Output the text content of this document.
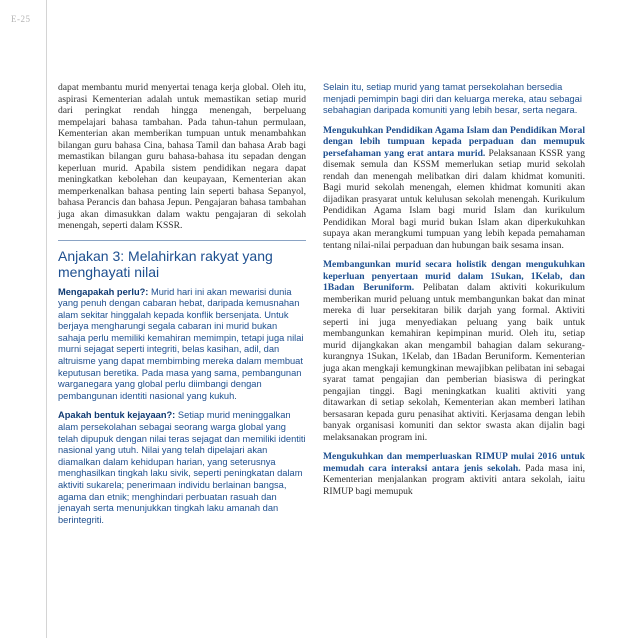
E-25

dapat membantu murid menyertai tenaga kerja global. Oleh itu, aspirasi Kementerian adalah untuk memastikan setiap murid dari peringkat rendah hingga menengah, berpeluang mempelajari bahasa tambahan. Pada tahun-tahun permulaan, Kementerian akan memberikan tumpuan untuk menambahkan bilangan guru bahasa Cina, bahasa Tamil dan bahasa Arab bagi memastikan bilangan guru bahasa-bahasa itu sepadan dengan keperluan murid. Apabila sistem pendidikan negara dapat meningkatkan kebolehan dan keupayaan, Kementerian akan memperkenalkan bahasa penting lain seperti bahasa Sepanyol, bahasa Perancis dan bahasa Jepun. Pengajaran bahasa tambahan juga akan dimasukkan dalam waktu pengajaran di sekolah menengah, seperti dalam KSSR.

Anjakan 3: Melahirkan rakyat yang menghayati nilai

Mengapakah perlu?: Murid hari ini akan mewarisi dunia yang penuh dengan cabaran hebat, daripada kemusnahan alam sekitar hinggalah kepada konflik bersenjata. Untuk berjaya mengharungi segala cabaran ini murid bukan sahaja perlu memiliki kemahiran memimpin, tetapi juga nilai murni sejagat seperti integriti, belas kasihan, adil, dan altruisme yang dapat membimbing mereka dalam membuat keputusan beretika. Pada masa yang sama, pembangunan warganegara yang global perlu diimbangi dengan pembangunan identiti nasional yang kukuh.

Apakah bentuk kejayaan?: Setiap murid meninggalkan alam persekolahan sebagai seorang warga global yang telah dipupuk dengan nilai teras sejagat dan memiliki identiti nasional yang utuh. Nilai yang telah dipelajari akan diamalkan dalam kehidupan harian, yang seterusnya menghasilkan tingkah laku sivik, seperti peningkatan dalam aktiviti sukarela; penerimaan individu berlainan bangsa, agama dan etnik; menghindari perbuatan rasuah dan jenayah serta menunjukkan tingkah laku amanah dan berintegriti.

Selain itu, setiap murid yang tamat persekolahan bersedia menjadi pemimpin bagi diri dan keluarga mereka, atau sebagai sebahagian daripada komuniti yang lebih besar, serta negara.

Mengukuhkan Pendidikan Agama Islam dan Pendidikan Moral dengan lebih tumpuan kepada perpaduan dan memupuk persefahaman yang erat antara murid. Pelaksanaan KSSR yang disemak semula dan KSSM memerlukan setiap murid sekolah rendah dan menengah melibatkan diri dalam khidmat komuniti. Bagi murid sekolah menengah, elemen khidmat komuniti akan dijadikan prasyarat untuk kelulusan sekolah menengah. Kurikulum Pendidikan Agama Islam bagi murid Islam dan kurikulum Pendidikan Moral bagi murid bukan Islam akan diperkukuhkan supaya akan merangkumi tumpuan yang lebih kepada pemahaman tentang nilai-nilai perpaduan dan hubungan baik sesama insan.

Membangunkan murid secara holistik dengan mengukuhkan keperluan penyertaan murid dalam 1Sukan, 1Kelab, dan 1Badan Beruniform. Pelibatan dalam aktiviti kokurikulum memberikan murid peluang untuk membangunkan bakat dan minat mereka di luar persekitaran bilik darjah yang formal. Aktiviti seperti ini juga menyediakan peluang yang baik untuk membangunkan kemahiran kepimpinan murid. Oleh itu, setiap murid dijangkakan akan mengambil bahagian dalam sekurang-kurangnya 1Sukan, 1Kelab, dan 1Badan Beruniform. Kementerian juga akan mengkaji kemungkinan mewajibkan pelibatan ini sebagai syarat tamat pengajian dan pemberian biasiswa di peringkat pengajian tinggi. Bagi meningkatkan kualiti aktiviti yang ditawarkan di setiap sekolah, Kementerian akan memberi latihan bersasaran kepada guru penasihat aktiviti. Kerjasama dengan lebih banyak organisasi komuniti dan sektor swasta akan dijalin bagi melaksanakan program ini.

Mengukuhkan dan memperluaskan RIMUP mulai 2016 untuk memudah cara interaksi antara jenis sekolah. Pada masa ini, Kementerian menjalankan program aktiviti antara sekolah, iaitu RIMUP bagi memupuk
